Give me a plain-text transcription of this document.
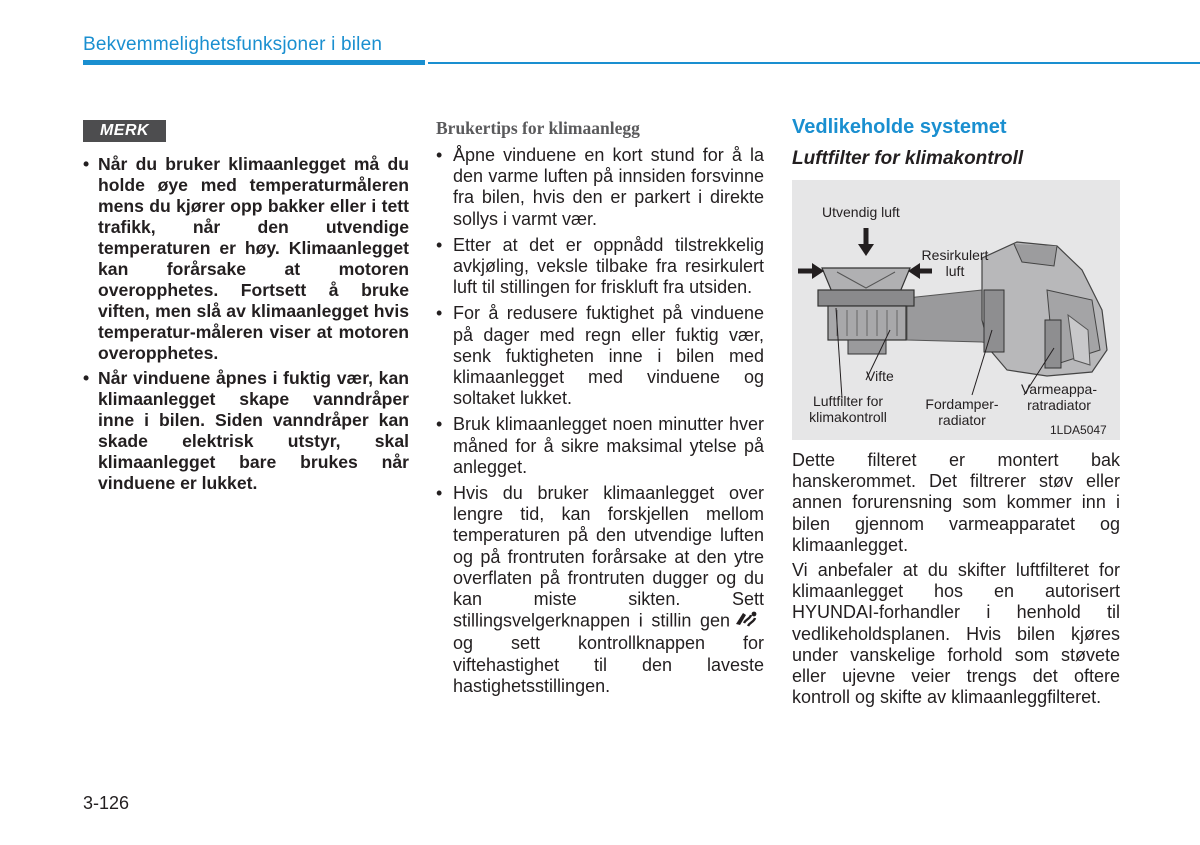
Bekvemmelighetsfunksjoner i bilen
MERK
• Når du bruker klimaanlegget må du holde øye med temperaturmåleren mens du kjører opp bakker eller i tett trafikk, når den utvendige temperaturen er høy. Klimaanlegget kan forårsake at motoren overopphetes. Fortsett å bruke viften, men slå av klimaanlegget hvis temperatur-måleren viser at motoren overopphetes.
• Når vinduene åpnes i fuktig vær, kan klimaanlegget skape vanndråper inne i bilen. Siden vanndråper kan skade elektrisk utstyr, skal klimaanlegget bare brukes når vinduene er lukket.
Brukertips for klimaanlegg
• Åpne vinduene en kort stund for å la den varme luften på innsiden forsvinne fra bilen, hvis den er parkert i direkte sollys i varmt vær.
• Etter at det er oppnådd tilstrekkelig avkjøling, veksle tilbake fra resirkulert luft til stillingen for friskluft fra utsiden.
• For å redusere fuktighet på vinduene på dager med regn eller fuktig vær, senk fuktigheten inne i bilen med klimaanlegget med vinduene og soltaket lukket.
• Bruk klimaanlegget noen minutter hver måned for å sikre maksimal ytelse på anlegget.
• Hvis du bruker klimaanlegget over lengre tid, kan forskjellen mellom temperaturen på den utvendige luften og på frontruten forårsake at den ytre overflaten på frontruten dugger og du kan miste sikten. Sett stillingsvelgerknappen i stillin genog sett kontrollknappen for viftehastighet til den laveste hastighetsstillingen.
Vedlikeholde systemet
Luftfilter for klimakontroll
Utvendig luft
Resirkulert
luft
Vifte
Luftfilter for
klimakontroll
Fordamper-
radiator
Varmeappa-
ratradiator
1LDA5047

Dette filteret er montert bak hanskerommet. Det filtrerer støv eller annen forurensning som kommer inn i bilen gjennom varmeapparatet og klimaanlegget.

Vi anbefaler at du skifter luftfilteret for klimaanlegget hos en autorisert HYUNDAI-forhandler i henhold til vedlikeholdsplanen. Hvis bilen kjøres under vanskelige forhold som støvete eller ujevne veier trengs det oftere kontroll og skifte av klimaanleggfilteret.

3-126
